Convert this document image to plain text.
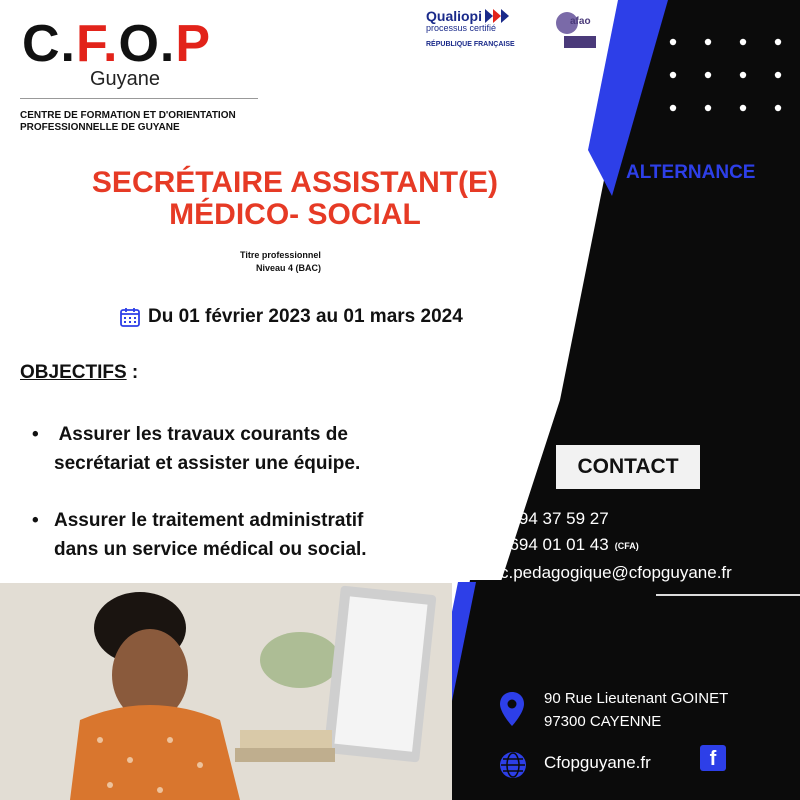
C.F.O.P
Guyane
CENTRE DE FORMATION ET D'ORIENTATION
PROFESSIONNELLE DE GUYANE
Qualiopi
processus certifié
RÉPUBLIQUE FRANÇAISE
afao
SECRÉTAIRE ASSISTANT(E)
MÉDICO- SOCIAL
Titre professionnel
Niveau 4 (BAC)
Du 01 février 2023 au 01 mars 2024
OBJECTIFS :
• Assurer les travaux courants de
secrétariat et assister une équipe.
• Assurer le traitement administratif
dans un service médical ou social.
ALTERNANCE
CONTACT
0594 37 59 27
0694 01 01 43 (CFA)
c.pedagogique@cfopguyane.fr
90 Rue Lieutenant GOINET
97300 CAYENNE
Cfopguyane.fr	f
